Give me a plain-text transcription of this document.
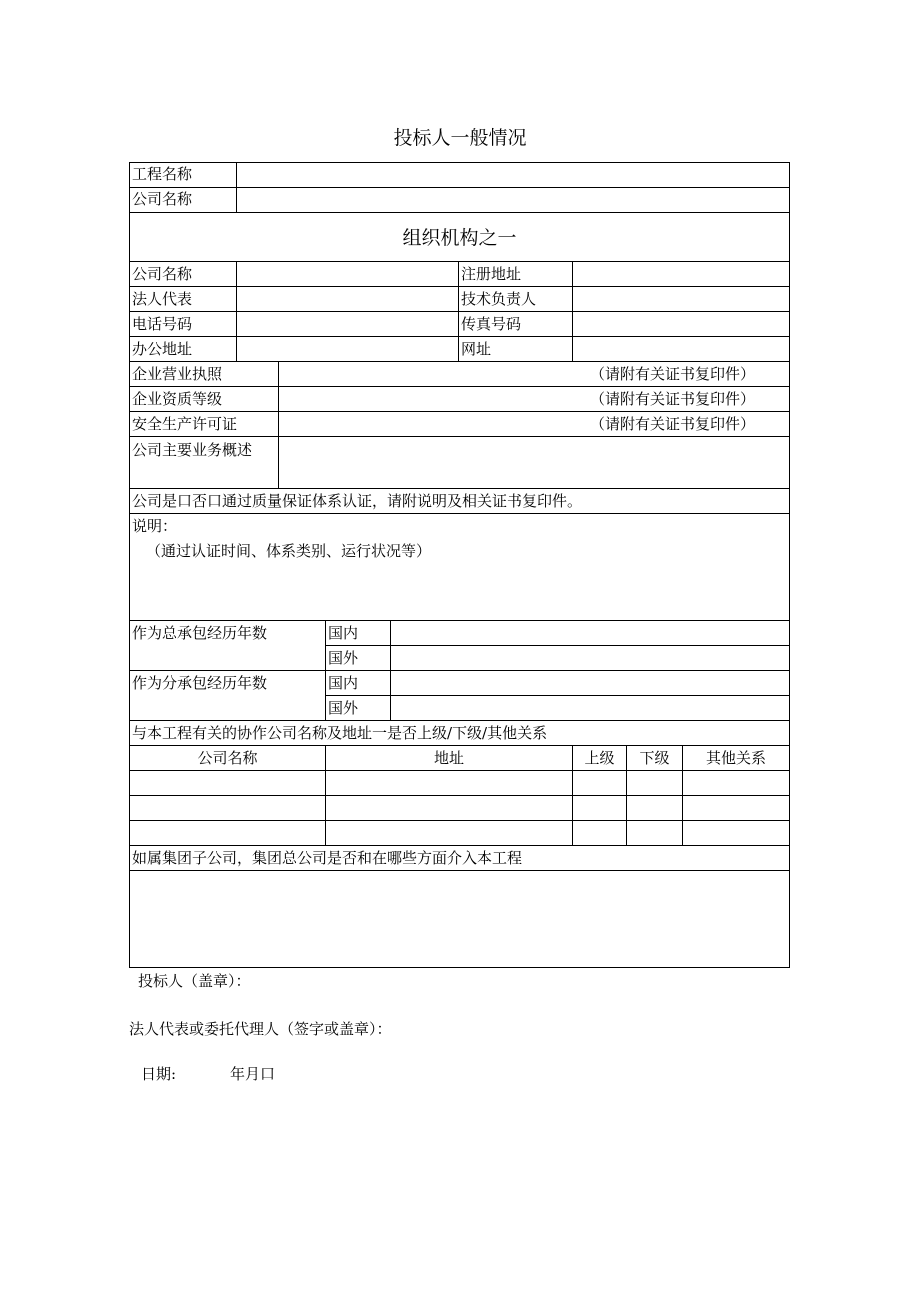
投标人一般情况
工程名称
公司名称
组织机构之一
公司名称	注册地址
法人代表	技术负责人
电话号码	传真号码
办公地址	网址
企业营业执照	（请附有关证书复印件）
企业资质等级	（请附有关证书复印件）
安全生产许可证	（请附有关证书复印件）
公司主要业务概述
公司是口否口通过质量保证体系认证，请附说明及相关证书复印件。
说明：
（通过认证时间、体系类别、运行状况等）
作为总承包经历年数	国内
国外
作为分承包经历年数	国内
国外
与本工程有关的协作公司名称及地址一是否上级/下级/其他关系
公司名称	地址	上级	下级	其他关系
如属集团子公司，集团总公司是否和在哪些方面介入本工程
投标人（盖章）：
法人代表或委托代理人（签字或盖章）：
日期:	年月口
